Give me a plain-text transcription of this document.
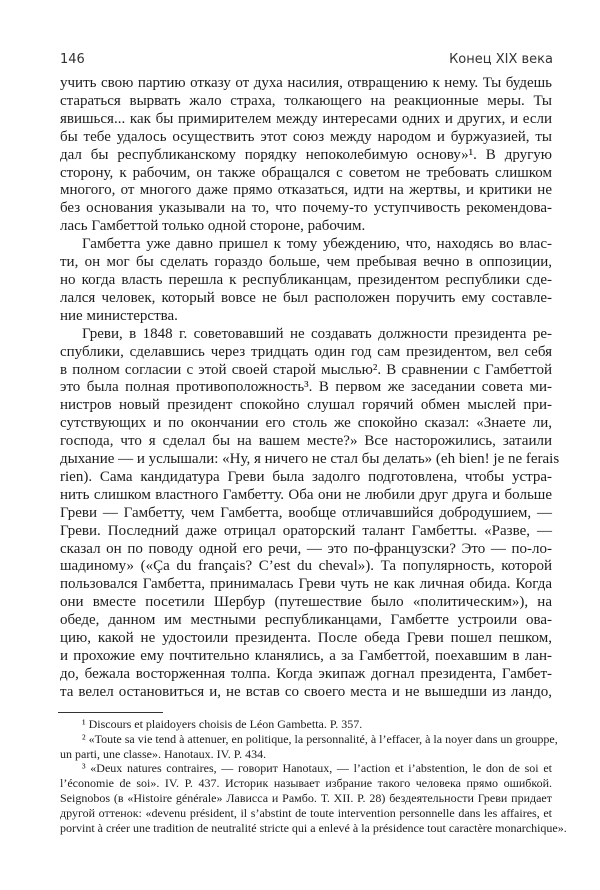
146	Конец XIX века
учить свою партию отказу от духа насилия, отвращению к нему. Ты будешь
стараться вырвать жало страха, толкающего на реакционные меры. Ты
явишься... как бы примирителем между интересами одних и других, и если
бы тебе удалось осуществить этот союз между народом и буржуазией, ты
дал бы республиканскому порядку непоколебимую основу»¹. В другую
сторону, к рабочим, он также обращался с советом не требовать слишком
многого, от многого даже прямо отказаться, идти на жертвы, и критики не
без основания указывали на то, что почему-то уступчивость рекомендова-
лась Гамбеттой только одной стороне, рабочим.
Гамбетта уже давно пришел к тому убеждению, что, находясь во влас-
ти, он мог бы сделать гораздо больше, чем пребывая вечно в оппозиции,
но когда власть перешла к республиканцам, президентом республики сде-
лался человек, который вовсе не был расположен поручить ему составле-
ние министерства.
Греви, в 1848 г. советовавший не создавать должности президента ре-
спублики, сделавшись через тридцать один год сам президентом, вел себя
в полном согласии с этой своей старой мыслью². В сравнении с Гамбеттой
это была полная противоположность³. В первом же заседании совета ми-
нистров новый президент спокойно слушал горячий обмен мыслей при-
сутствующих и по окончании его столь же спокойно сказал: «Знаете ли,
господа, что я сделал бы на вашем месте?» Все насторожились, затаили
дыхание — и услышали: «Ну, я ничего не стал бы делать» (eh bien! je ne ferais
rien). Сама кандидатура Греви была задолго подготовлена, чтобы устра-
нить слишком властного Гамбетту. Оба они не любили друг друга и больше
Греви — Гамбетту, чем Гамбетта, вообще отличавшийся добродушием, —
Греви. Последний даже отрицал ораторский талант Гамбетты. «Разве, —
сказал он по поводу одной его речи, — это по-французски? Это — по-ло-
шадиному» («Ça du français? C’est du cheval»). Та популярность, которой
пользовался Гамбетта, принималась Греви чуть не как личная обида. Когда
они вместе посетили Шербур (путешествие было «политическим»), на
обеде, данном им местными республиканцами, Гамбетте устроили ова-
цию, какой не удостоили президента. После обеда Греви пошел пешком,
и прохожие ему почтительно кланялись, а за Гамбеттой, поехавшим в лан-
до, бежала восторженная толпа. Когда экипаж догнал президента, Гамбет-
та велел остановиться и, не встав со своего места и не вышедши из ландо,
¹ Discours et plaidoyers choisis de Léon Gambetta. P. 357.
² «Toute sa vie tend à attenuer, en politique, la personnalité, à l’effacer, à la noyer dans un grouppe,
un parti, une classe». Hanotaux. IV. P. 434.
³ «Deux natures contraires, — говорит Hanotaux, — l’action et i’abstention, le don de soi et
l’économie de soi». IV. P. 437. Историк называет избрание такого человека прямо ошибкой.
Seignobos (в «Histoire générale» Лависса и Рамбо. Т. XII. P. 28) бездеятельности Греви придает
другой оттенок: «devenu président, il s’abstint de toute intervention personnelle dans les affaires, et
porvint à créer une tradition de neutralité stricte qui a enlevé à la présidence tout caractère monarchique».
